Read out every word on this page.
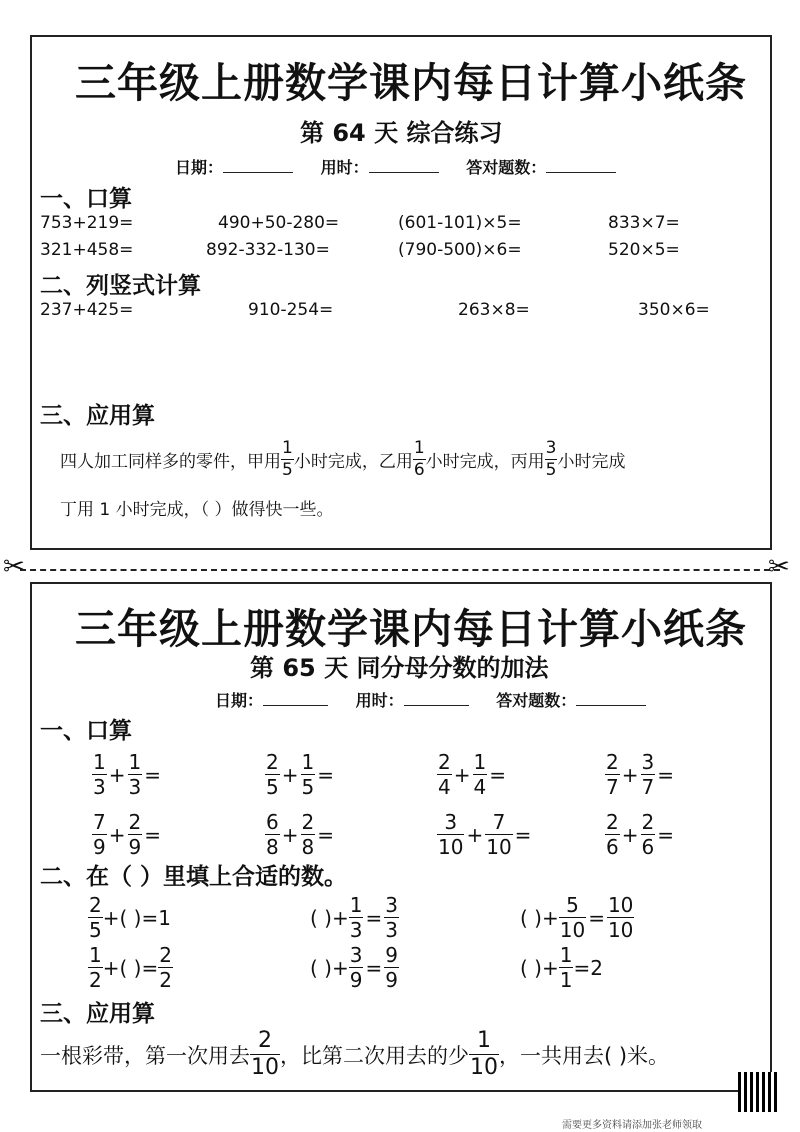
三年级上册数学课内每日计算小纸条
第 64 天 综合练习
日期：	用时：	答对题数：
一、口算
753+219=	490+50-280=	(601-101)×5=	833×7=
321+458=	892-332-130=	(790-500)×6=	520×5=
二、列竖式计算
237+425=	910-254=	263×8=	350×6=
三、应用算
四人加工同样多的零件，甲用 $\frac{1}{5}$ 小时完成，乙用 $\frac{1}{6}$ 小时完成，丙用 $\frac{3}{5}$ 小时完成
丁用 1 小时完成，（ ）做得快一些。
✂	✂
三年级上册数学课内每日计算小纸条
第 65 天 同分母分数的加法
日期：	用时：	答对题数：
一、口算
$\frac{1}{3} + \frac{1}{3}$ =	$\frac{2}{5} + \frac{1}{5}$ =	$\frac{2}{4} + \frac{1}{4}$ =	$\frac{2}{7} + \frac{3}{7}$ =
$\frac{7}{9} + \frac{2}{9}$ =	$\frac{6}{8} + \frac{2}{8}$ =	$\frac{3}{10} + \frac{7}{10}$ =	$\frac{2}{6} + \frac{2}{6}$ =
二、在（ ）里填上合适的数。
$\frac{2}{5}$ +( )=1	( )+ $\frac{1}{3} = \frac{3}{3}$	( )+ $\frac{5}{10} = \frac{10}{10}$
$\frac{1}{2}$ +( )= $\frac{2}{2}$	( )+ $\frac{3}{9} = \frac{9}{9}$	( )+ $\frac{1}{1} =2$
三、应用算
一根彩带，第一次用去 $\frac{2}{10}$ ，比第二次用去的少 $\frac{1}{10}$ ，一共用去( )米。
需要更多资料请添加张老师领取
